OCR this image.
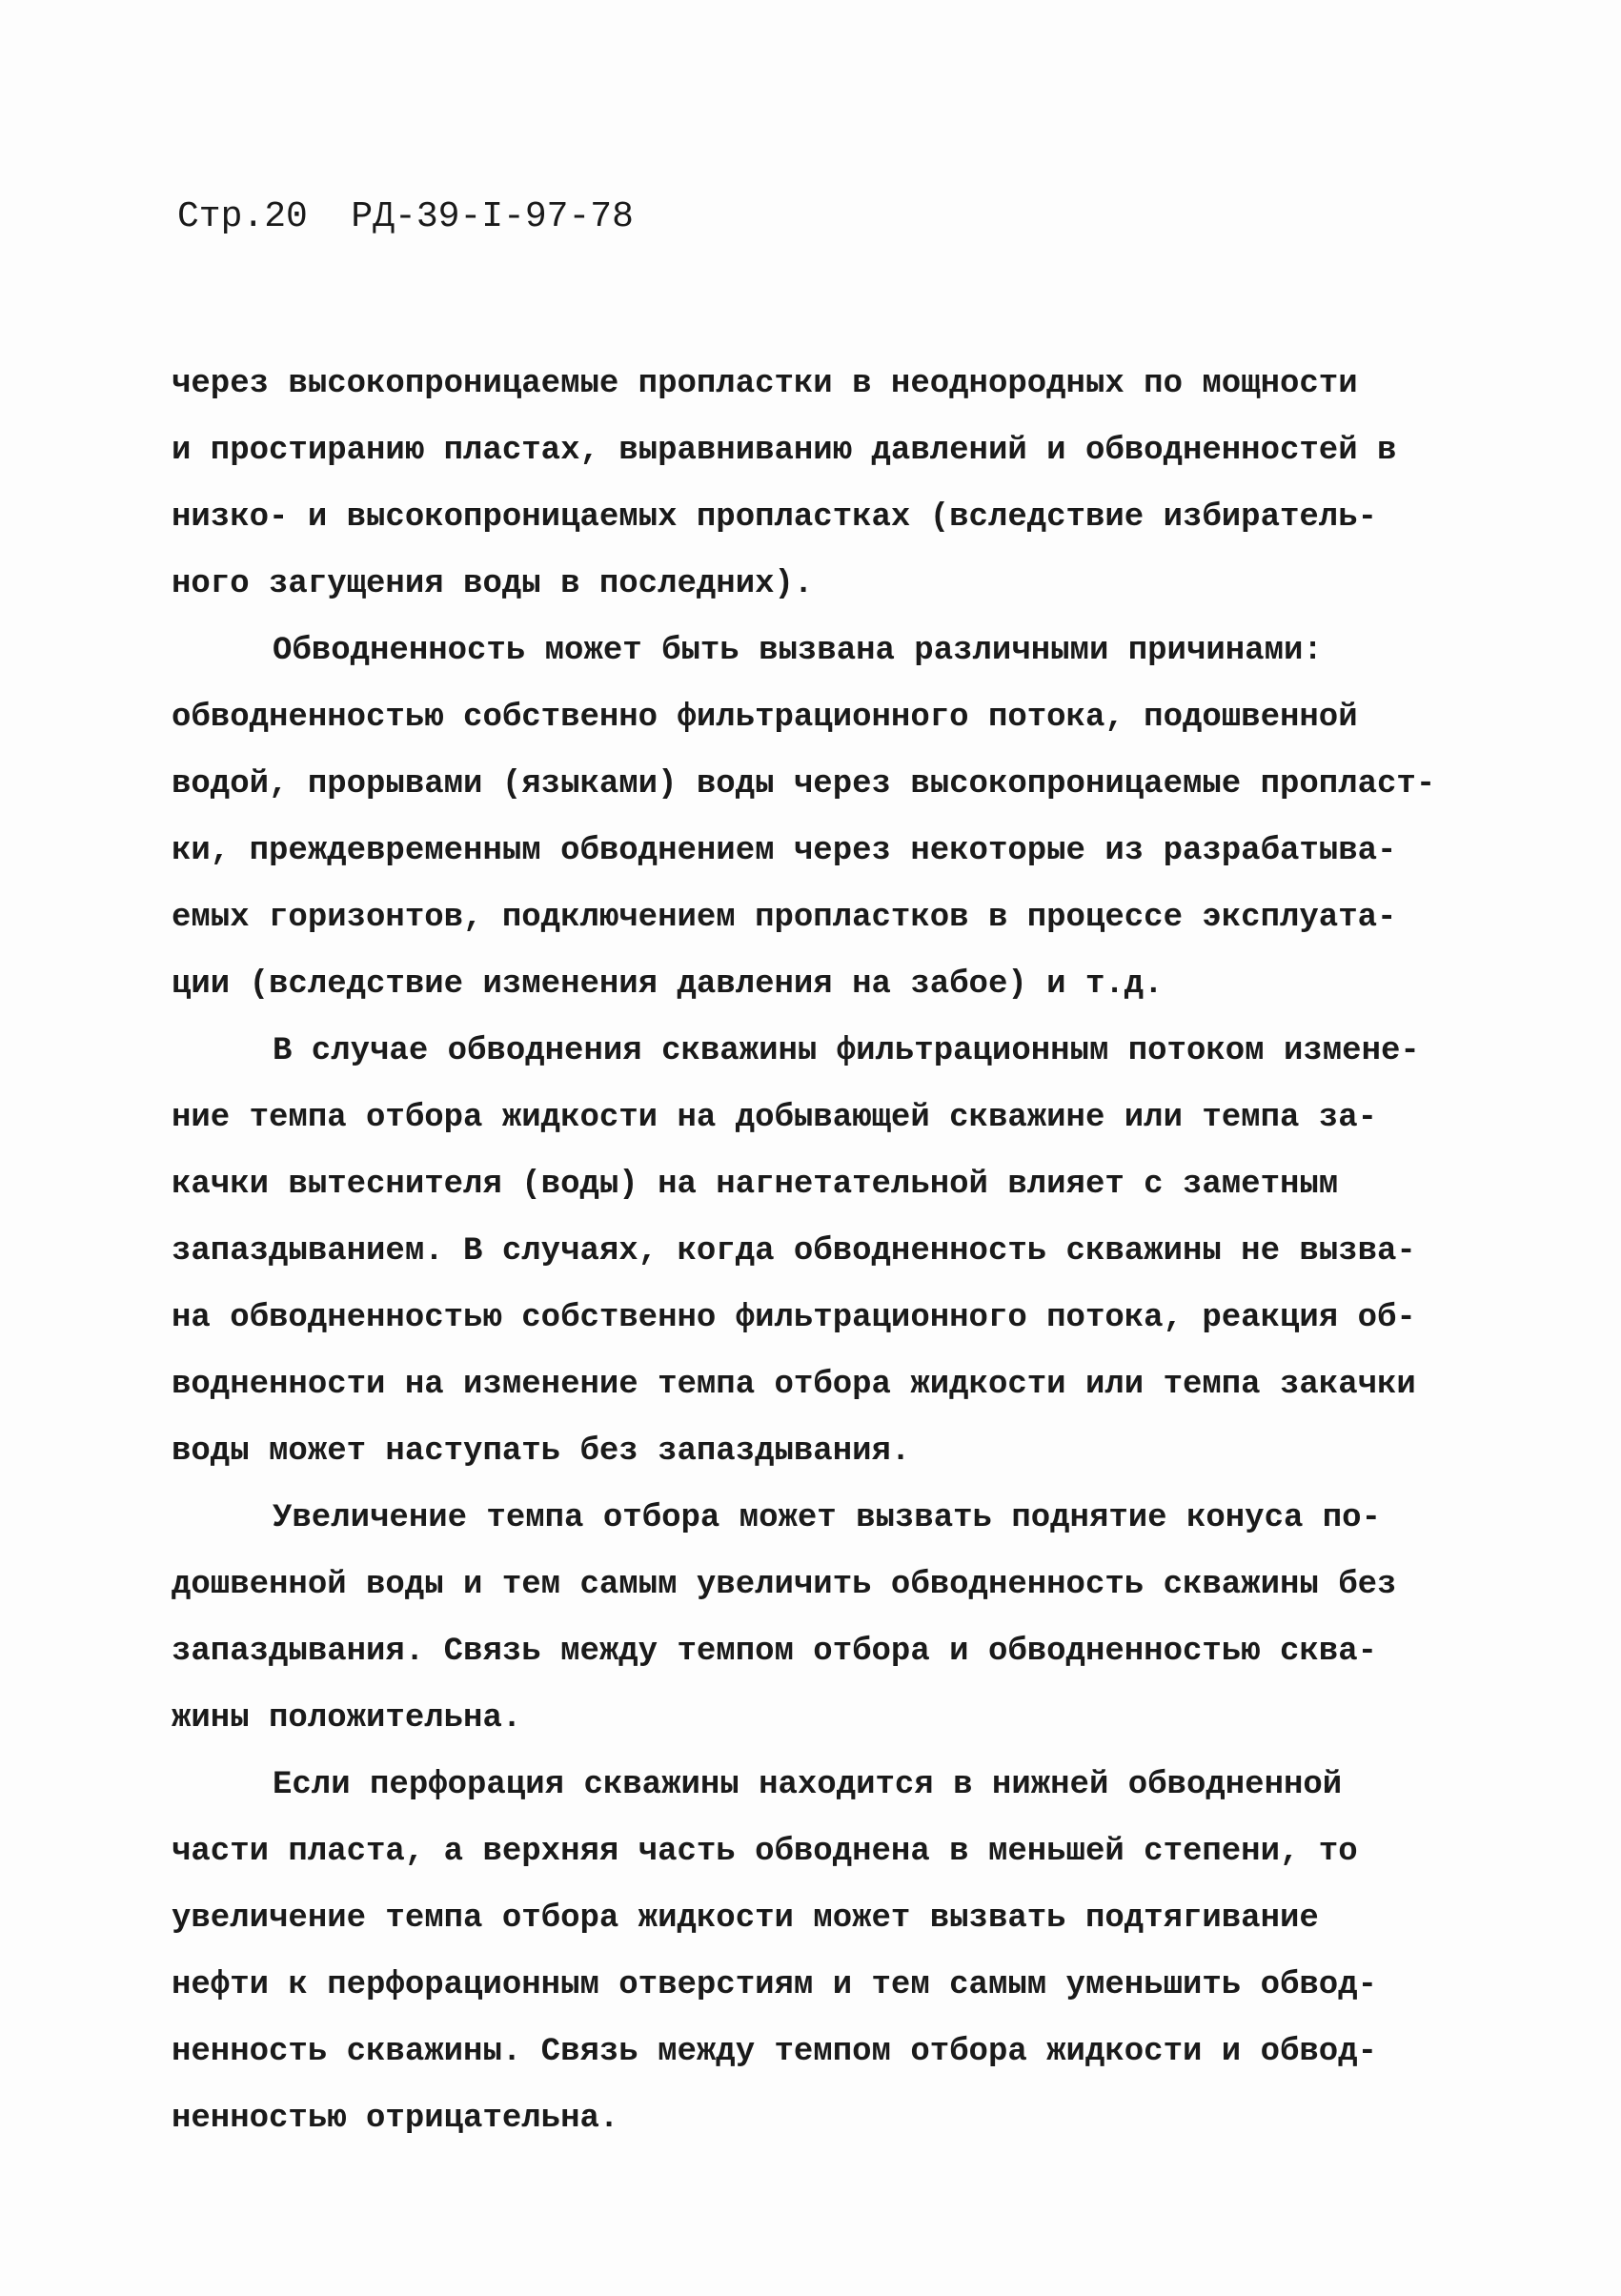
Стр.20  РД-39-I-97-78
через высокопроницаемые пропластки в неоднородных по мощности
и простиранию пластах, выравниванию давлений и обводненностей в
низко- и высокопроницаемых пропластках (вследствие избиратель-
ного загущения воды в последних).
Обводненность может быть вызвана различными причинами:
обводненностью собственно фильтрационного потока, подошвенной
водой, прорывами (языками) воды через высокопроницаемые пропласт-
ки, преждевременным обводнением через некоторые из разрабатыва-
емых горизонтов, подключением пропластков в процессе эксплуата-
ции (вследствие изменения давления на забое) и т.д.
В случае обводнения скважины фильтрационным потоком измене-
ние темпа отбора жидкости на добывающей скважине или темпа за-
качки вытеснителя (воды) на нагнетательной влияет с заметным
запаздыванием. В случаях, когда обводненность скважины не вызва-
на обводненностью собственно фильтрационного потока, реакция об-
водненности на изменение темпа отбора жидкости или темпа закачки
воды может наступать без запаздывания.
Увеличение темпа отбора может вызвать поднятие конуса по-
дошвенной воды и тем самым увеличить обводненность скважины без
запаздывания. Связь между темпом отбора и обводненностью сква-
жины положительна.
Если перфорация скважины находится в нижней обводненной
части пласта, а верхняя часть обводнена в меньшей степени, то
увеличение темпа отбора жидкости может вызвать подтягивание
нефти к перфорационным отверстиям и тем самым уменьшить обвод-
ненность скважины. Связь между темпом отбора жидкости и обвод-
ненностью отрицательна.
